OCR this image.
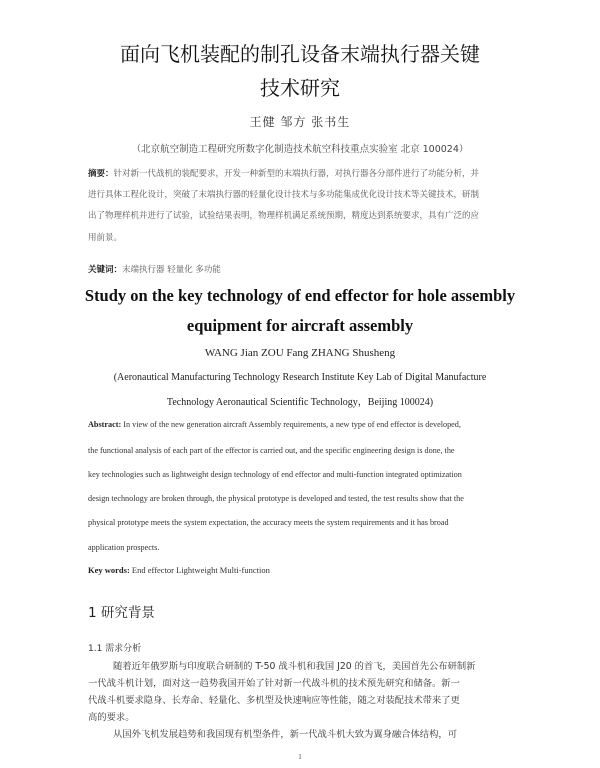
面向飞机装配的制孔设备末端执行器关键
技术研究
王健 邹方 张书生
（北京航空制造工程研究所数字化制造技术航空科技重点实验室 北京 100024）
摘要：针对新一代战机的装配要求，开发一种新型的末端执行器，对执行器各分部件进行了功能分析，并
进行具体工程化设计，突破了末端执行器的轻量化设计技术与多功能集成优化设计技术等关键技术，研制
出了物理样机并进行了试验，试验结果表明，物理样机满足系统预期，精度达到系统要求，具有广泛的应
用前景。
关键词：末端执行器 轻量化 多功能
Study on the key technology of end effector for hole assembly
equipment for aircraft assembly
WANG Jian ZOU Fang ZHANG Shusheng
(Aeronautical Manufacturing Technology Research Institute Key Lab of Digital Manufacture
Technology Aeronautical Scientific Technology，Beijing 100024)
Abstract: In view of the new generation aircraft Assembly requirements, a new type of end effector is developed,
the functional analysis of each part of the effector is carried out, and the specific engineering design is done, the
key technologies such as lightweight design technology of end effector and multi-function integrated optimization
design technology are broken through, the physical prototype is developed and tested, the test results show that the
physical prototype meets the system expectation, the accuracy meets the system requirements and it has broad
application prospects.
Key words: End effector Lightweight Multi-function
1 研究背景
1.1 需求分析
随着近年俄罗斯与印度联合研制的 T-50 战斗机和我国 J20 的首飞，美国首先公布研制新
一代战斗机计划，面对这一趋势我国开始了针对新一代战斗机的技术预先研究和储备。新一
代战斗机要求隐身、长寿命、轻量化、多机型及快速响应等性能，随之对装配技术带来了更
高的要求。
从国外飞机发展趋势和我国现有机型条件，新一代战斗机大致为翼身融合体结构，可
1
